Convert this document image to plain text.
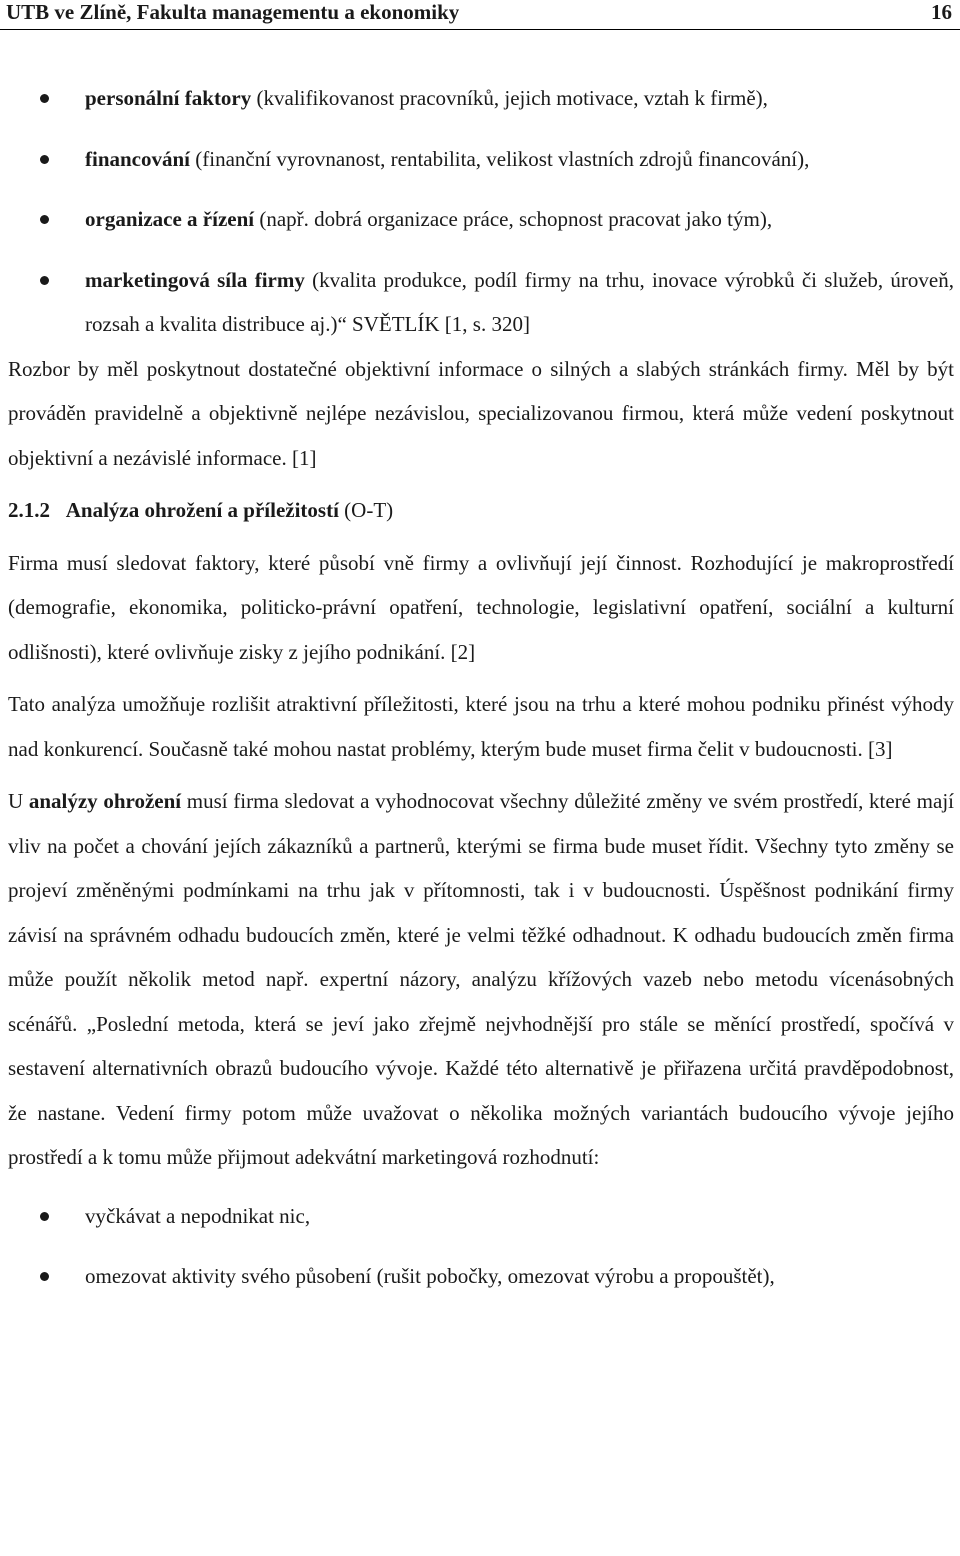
UTB ve Zlíně, Fakulta managementu a ekonomiky	16
personální faktory (kvalifikovanost pracovníků, jejich motivace, vztah k firmě),
financování (finanční vyrovnanost, rentabilita, velikost vlastních zdrojů financování),
organizace a řízení (např. dobrá organizace práce, schopnost pracovat jako tým),
marketingová síla firmy (kvalita produkce, podíl firmy na trhu, inovace výrobků či služeb, úroveň, rozsah a kvalita distribuce aj.)“ SVĚTLÍK [1, s. 320]

Rozbor by měl poskytnout dostatečné objektivní informace o silných a slabých stránkách firmy. Měl by být prováděn pravidelně a objektivně nejlépe nezávislou, specializovanou firmou, která může vedení poskytnout objektivní a nezávislé informace. [1]

2.1.2 Analýza ohrožení a příležitostí (O-T)

Firma musí sledovat faktory, které působí vně firmy a ovlivňují její činnost. Rozhodující je makroprostředí (demografie, ekonomika, politicko-právní opatření, technologie, legislativní opatření, sociální a kulturní odlišnosti), které ovlivňuje zisky z jejího podnikání. [2]

Tato analýza umožňuje rozlišit atraktivní příležitosti, které jsou na trhu a které mohou podniku přinést výhody nad konkurencí. Současně také mohou nastat problémy, kterým bude muset firma čelit v budoucnosti. [3]

U analýzy ohrožení musí firma sledovat a vyhodnocovat všechny důležité změny ve svém prostředí, které mají vliv na počet a chování jejích zákazníků a partnerů, kterými se firma bude muset řídit. Všechny tyto změny se projeví změněnými podmínkami na trhu jak v přítomnosti, tak i v budoucnosti. Úspěšnost podnikání firmy závisí na správném odhadu budoucích změn, které je velmi těžké odhadnout. K odhadu budoucích změn firma může použít několik metod např. expertní názory, analýzu křížových vazeb nebo metodu vícenásobných scénářů. „Poslední metoda, která se jeví jako zřejmě nejvhodnější pro stále se měnící prostředí, spočívá v sestavení alternativních obrazů budoucího vývoje. Každé této alternativě je přiřazena určitá pravděpodobnost, že nastane. Vedení firmy potom může uvažovat o několika možných variantách budoucího vývoje jejího prostředí a k tomu může přijmout adekvátní marketingová rozhodnutí:

vyčkávat a nepodnikat nic,
omezovat aktivity svého působení (rušit pobočky, omezovat výrobu a propouštět),
